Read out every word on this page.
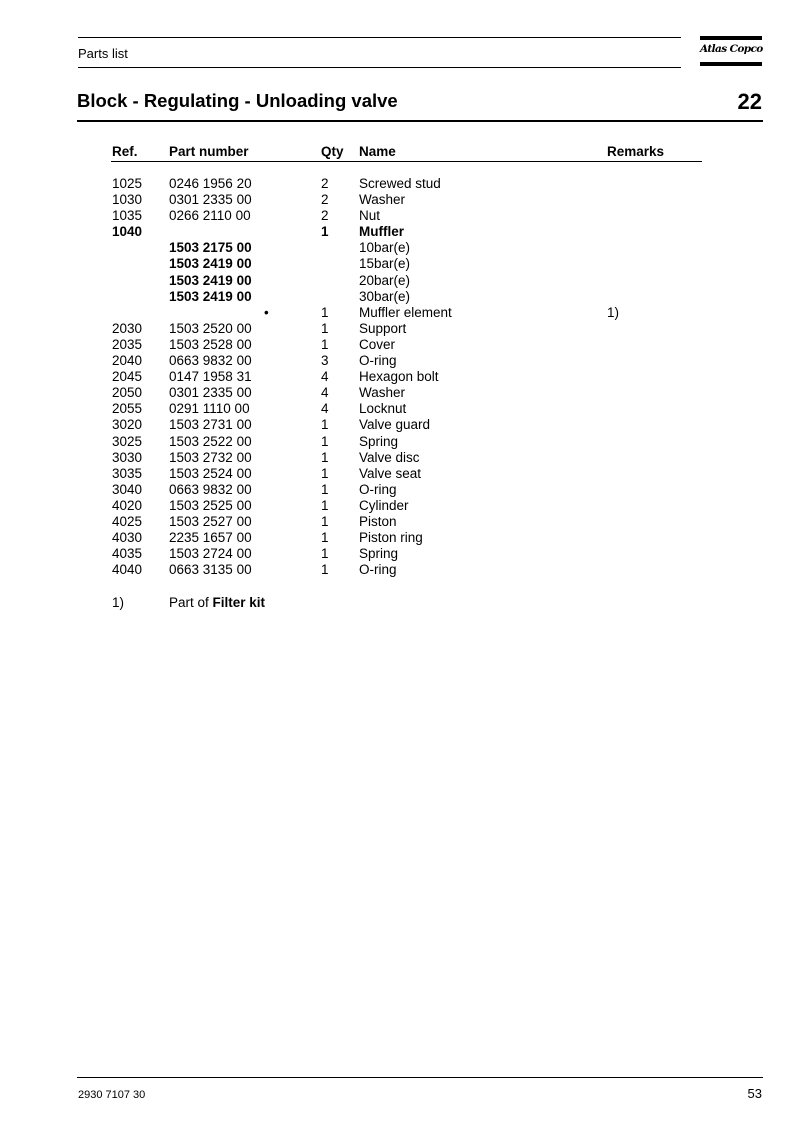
Parts list	Atlas Copco
Block - Regulating - Unloading valve	22
Ref. Part number	Qty Name	Remarks
1025 0246 1956 20	2 Screwed stud
1030 0301 2335 00	2 Washer
1035 0266 2110 00	2 Nut
1040	1 Muffler
1503 2175 00	10bar(e)
1503 2419 00	15bar(e)
1503 2419 00	20bar(e)
1503 2419 00	30bar(e)
•	1 Muffler element	1)
2030 1503 2520 00	1 Support
2035 1503 2528 00	1 Cover
2040 0663 9832 00	3 O-ring
2045 0147 1958 31	4 Hexagon bolt
2050 0301 2335 00	4 Washer
2055 0291 1110 00	4 Locknut
3020 1503 2731 00	1 Valve guard
3025 1503 2522 00	1 Spring
3030 1503 2732 00	1 Valve disc
3035 1503 2524 00	1 Valve seat
3040 0663 9832 00	1 O-ring
4020 1503 2525 00	1 Cylinder
4025 1503 2527 00	1 Piston
4030 2235 1657 00	1 Piston ring
4035 1503 2724 00	1 Spring
4040 0663 3135 00	1 O-ring
1)	Part of Filter kit
2930 7107 30	53
